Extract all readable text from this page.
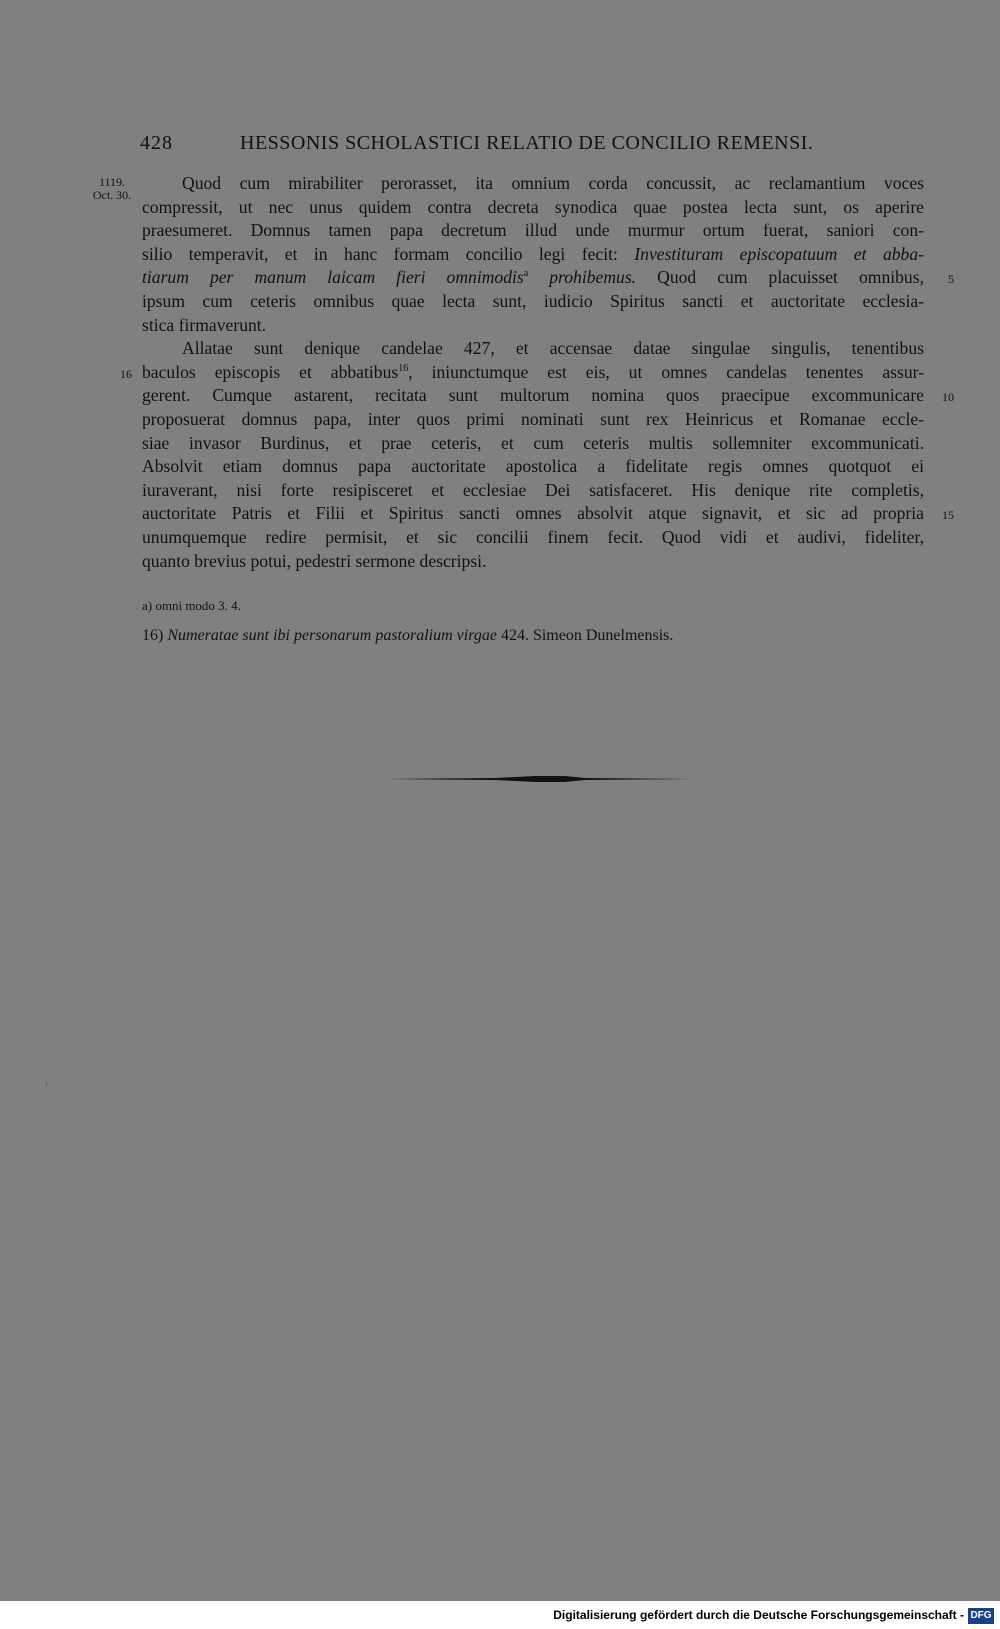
428	HESSONIS SCHOLASTICI RELATIO DE CONCILIO REMENSI.
1119.
Oct. 30.
Quod cum mirabiliter perorasset, ita omnium corda concussit, ac reclamantium voces
compressit, ut nec unus quidem contra decreta synodica quae postea lecta sunt, os aperire
praesumeret. Domnus tamen papa decretum illud unde murmur ortum fuerat, saniori con-
silio temperavit, et in hanc formam concilio legi fecit: Investituram episcopatuum et abba-
tiarum per manum laicam fieri omnimodis$^a$ prohibemus. Quod cum placuisset omnibus, 5
ipsum cum ceteris omnibus quae lecta sunt, iudicio Spiritus sancti et auctoritate ecclesia-
stica firmaverunt.
Allatae sunt denique candelae 427, et accensae datae singulae singulis, tenentibus
baculos episcopis et abbatibus$^{16}$, iniunctumque est eis, ut omnes candelas tenentes assur-
16
gerent. Cumque astarent, recitata sunt multorum nomina quos praecipue excommunicare 10
proposuerat domnus papa, inter quos primi nominati sunt rex Heinricus et Romanae eccle-
siae invasor Burdinus, et prae ceteris, et cum ceteris multis sollemniter excommunicati.
Absolvit etiam domnus papa auctoritate apostolica a fidelitate regis omnes quotquot ei
iuraverant, nisi forte resipisceret et ecclesiae Dei satisfaceret. His denique rite completis,
auctoritate Patris et Filii et Spiritus sancti omnes absolvit atque signavit, et sic ad propria 15
unumquemque redire permisit, et sic concilii finem fecit. Quod vidi et audivi, fideliter,
quanto brevius potui, pedestri sermone descripsi.
a) omni modo 3. 4.
16) Numeratae sunt ibi personarum pastoralium virgae 424. Simeon Dunelmensis.
Digitalisierung gefördert durch die Deutsche Forschungsgemeinschaft - DFG
